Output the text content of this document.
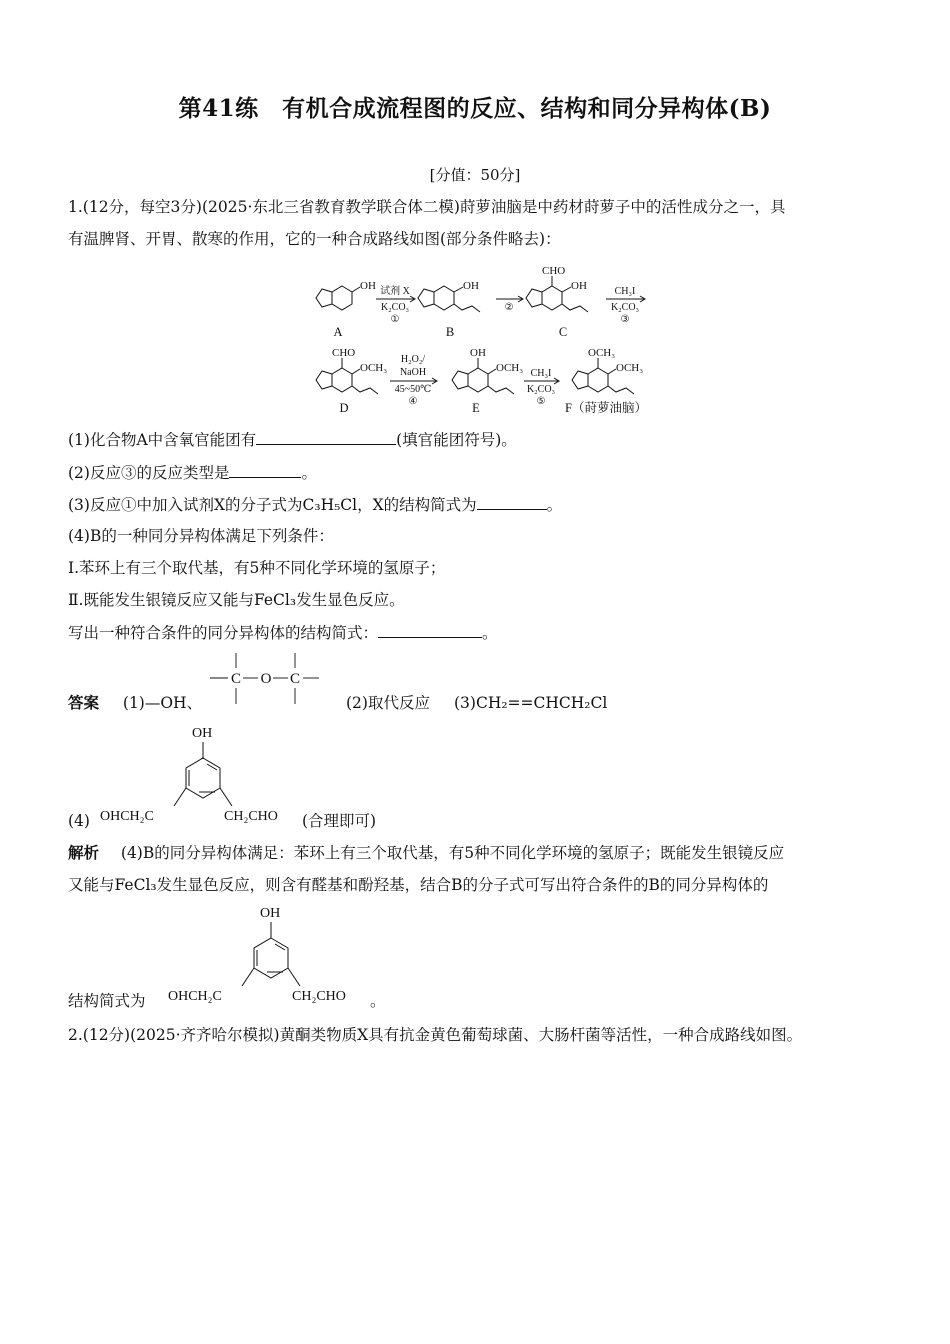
第41练　有机合成流程图的反应、结构和同分异构体(B)
[分值：50分]
1.(12分，每空3分)(2025·东北三省教育教学联合体二模)莳萝油脑是中药材莳萝子中的活性成分之一，具
有温脾肾、开胃、散寒的作用，它的一种合成路线如图(部分条件略去)：
OH	OH
CHO
OH
CHO
OCH₃
OH
OCH₃
OCH₃
OCH₃
试剂 X
K₂CO₃
①
②
CH₃I
K₂CO₃
③
H₂O₂/
NaOH
45~50℃
④
CH₃I
K₂CO₃
⑤
A	B	C
D	E	F（莳萝油脑）
(1)化合物A中含氧官能团有	(填官能团符号)。
(2)反应③的反应类型是	。
(3)反应①中加入试剂X的分子式为C₃H₅Cl，X的结构简式为	。
(4)B的一种同分异构体满足下列条件：
Ⅰ.苯环上有三个取代基，有5种不同化学环境的氢原子；
Ⅱ.既能发生银镜反应又能与FeCl₃发生显色反应。
写出一种符合条件的同分异构体的结构简式：	。
答案 (1)—OH、
C O C
(2)取代反应 (3)CH₂==CHCH₂Cl
(4)
OH
OHCH₂C	CH₂CHO (合理即可)
解析 (4)B的同分异构体满足：苯环上有三个取代基，有5种不同化学环境的氢原子；既能发生银镜反应
又能与FeCl₃发生显色反应，则含有醛基和酚羟基，结合B的分子式可写出符合条件的B的同分异构体的
结构简式为
OH
OHCH₂C	CH₂CHO 。
2.(12分)(2025·齐齐哈尔模拟)黄酮类物质X具有抗金黄色葡萄球菌、大肠杆菌等活性，一种合成路线如图。
